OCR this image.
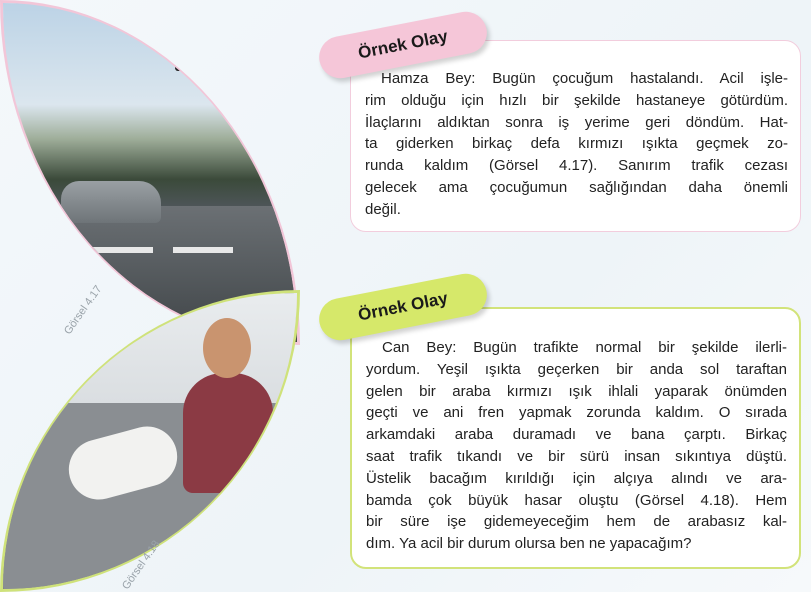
Görsel 4.18
Örnek Olay
Hamza Bey: Bugün çocuğum hastalandı. Acil işle-
rim olduğu için hızlı bir şekilde hastaneye götürdüm.
İlaçlarını aldıktan sonra iş yerime geri döndüm. Hat-
ta giderken birkaç defa kırmızı ışıkta geçmek zo-
runda kaldım (Görsel 4.17). Sanırım trafik cezası
gelecek ama çocuğumun sağlığından daha önemli
değil.
Örnek Olay
Can Bey: Bugün trafikte normal bir şekilde ilerli-
yordum. Yeşil ışıkta geçerken bir anda sol taraftan
gelen bir araba kırmızı ışık ihlali yaparak önümden
geçti ve ani fren yapmak zorunda kaldım. O sırada
arkamdaki araba duramadı ve bana çarptı. Birkaç
saat trafik tıkandı ve bir sürü insan sıkıntıya düştü.
Üstelik bacağım kırıldığı için alçıya alındı ve ara-
bamda çok büyük hasar oluştu (Görsel 4.18). Hem
bir süre işe gidemeyeceğim hem de arabasız kal-
dım. Ya acil bir durum olursa ben ne yapacağım?
